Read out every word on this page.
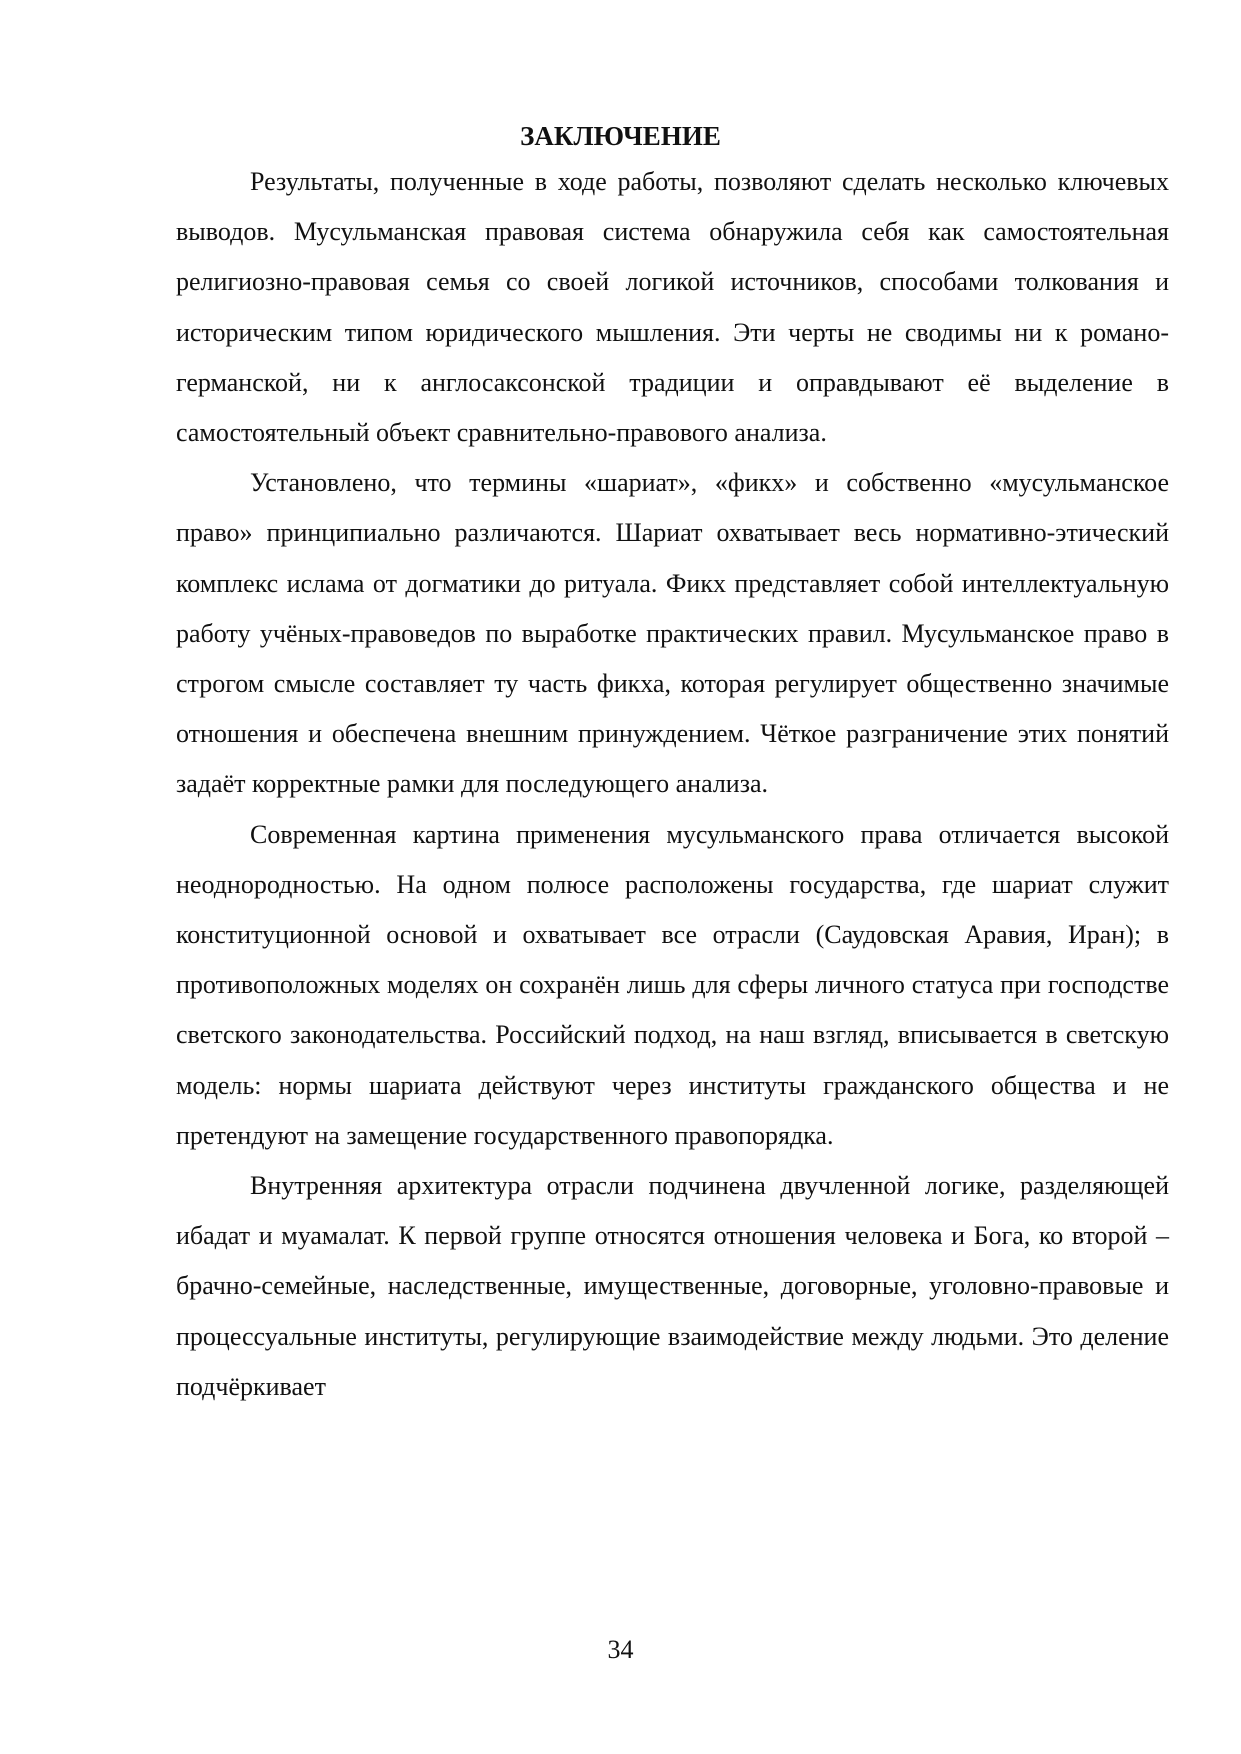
ЗАКЛЮЧЕНИЕ

Результаты, полученные в ходе работы, позволяют сделать несколько ключевых выводов. Мусульманская правовая система обнаружила себя как самостоятельная религиозно-правовая семья со своей логикой источников, способами толкования и историческим типом юридического мышления. Эти черты не сводимы ни к романо-германской, ни к англосаксонской традиции и оправдывают её выделение в самостоятельный объект сравнительно-правового анализа.

Установлено, что термины «шариат», «фикх» и собственно «мусульманское право» принципиально различаются. Шариат охватывает весь нормативно-этический комплекс ислама от догматики до ритуала. Фикх представляет собой интеллектуальную работу учёных-правоведов по выработке практических правил. Мусульманское право в строгом смысле составляет ту часть фикха, которая регулирует общественно значимые отношения и обеспечена внешним принуждением. Чёткое разграничение этих понятий задаёт корректные рамки для последующего анализа.

Современная картина применения мусульманского права отличается высокой неоднородностью. На одном полюсе расположены государства, где шариат служит конституционной основой и охватывает все отрасли (Саудовская Аравия, Иран); в противоположных моделях он сохранён лишь для сферы личного статуса при господстве светского законодательства. Российский подход, на наш взгляд, вписывается в светскую модель: нормы шариата действуют через институты гражданского общества и не претендуют на замещение государственного правопорядка.

Внутренняя архитектура отрасли подчинена двучленной логике, разделяющей ибадат и муамалат. К первой группе относятся отношения человека и Бога, ко второй – брачно-семейные, наследственные, имущественные, договорные, уголовно-правовые и процессуальные институты, регулирующие взаимодействие между людьми. Это деление подчёркивает

34
